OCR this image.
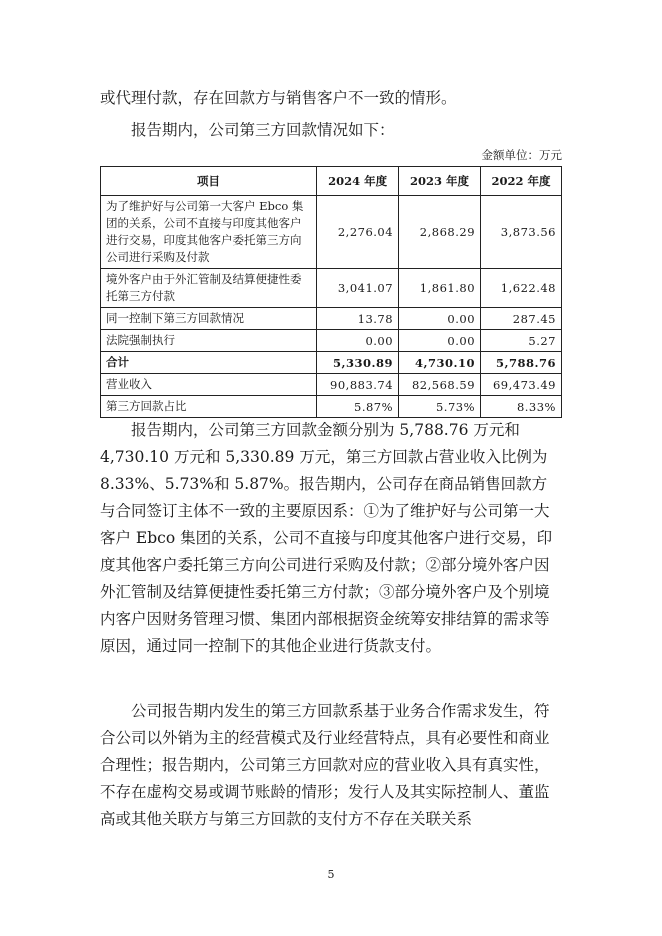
或代理付款，存在回款方与销售客户不一致的情形。
报告期内，公司第三方回款情况如下：
金额单位：万元
项目	2024 年度	2023 年度	2022 年度
为了维护好与公司第一大客户 Ebco 集团的关系，公司不直接与印度其他客户进行交易，印度其他客户委托第三方向公司进行采购及付款	2,276.04	2,868.29	3,873.56
境外客户由于外汇管制及结算便捷性委托第三方付款	3,041.07	1,861.80	1,622.48
同一控制下第三方回款情况	13.78	0.00	287.45
法院强制执行	0.00	0.00	5.27
合计	5,330.89	4,730.10	5,788.76
营业收入	90,883.74	82,568.59	69,473.49
第三方回款占比	5.87%	5.73%	8.33%
报告期内，公司第三方回款金额分别为 5,788.76 万元和 4,730.10 万元和 5,330.89 万元，第三方回款占营业收入比例为 8.33%、5.73%和 5.87%。报告期内，公司存在商品销售回款方与合同签订主体不一致的主要原因系：①为了维护好与公司第一大客户 Ebco 集团的关系，公司不直接与印度其他客户进行交易，印度其他客户委托第三方向公司进行采购及付款；②部分境外客户因外汇管制及结算便捷性委托第三方付款；③部分境外客户及个别境内客户因财务管理习惯、集团内部根据资金统筹安排结算的需求等原因，通过同一控制下的其他企业进行货款支付。
公司报告期内发生的第三方回款系基于业务合作需求发生，符合公司以外销为主的经营模式及行业经营特点，具有必要性和商业合理性；报告期内，公司第三方回款对应的营业收入具有真实性，不存在虚构交易或调节账龄的情形；发行人及其实际控制人、董监高或其他关联方与第三方回款的支付方不存在关联关系
5
